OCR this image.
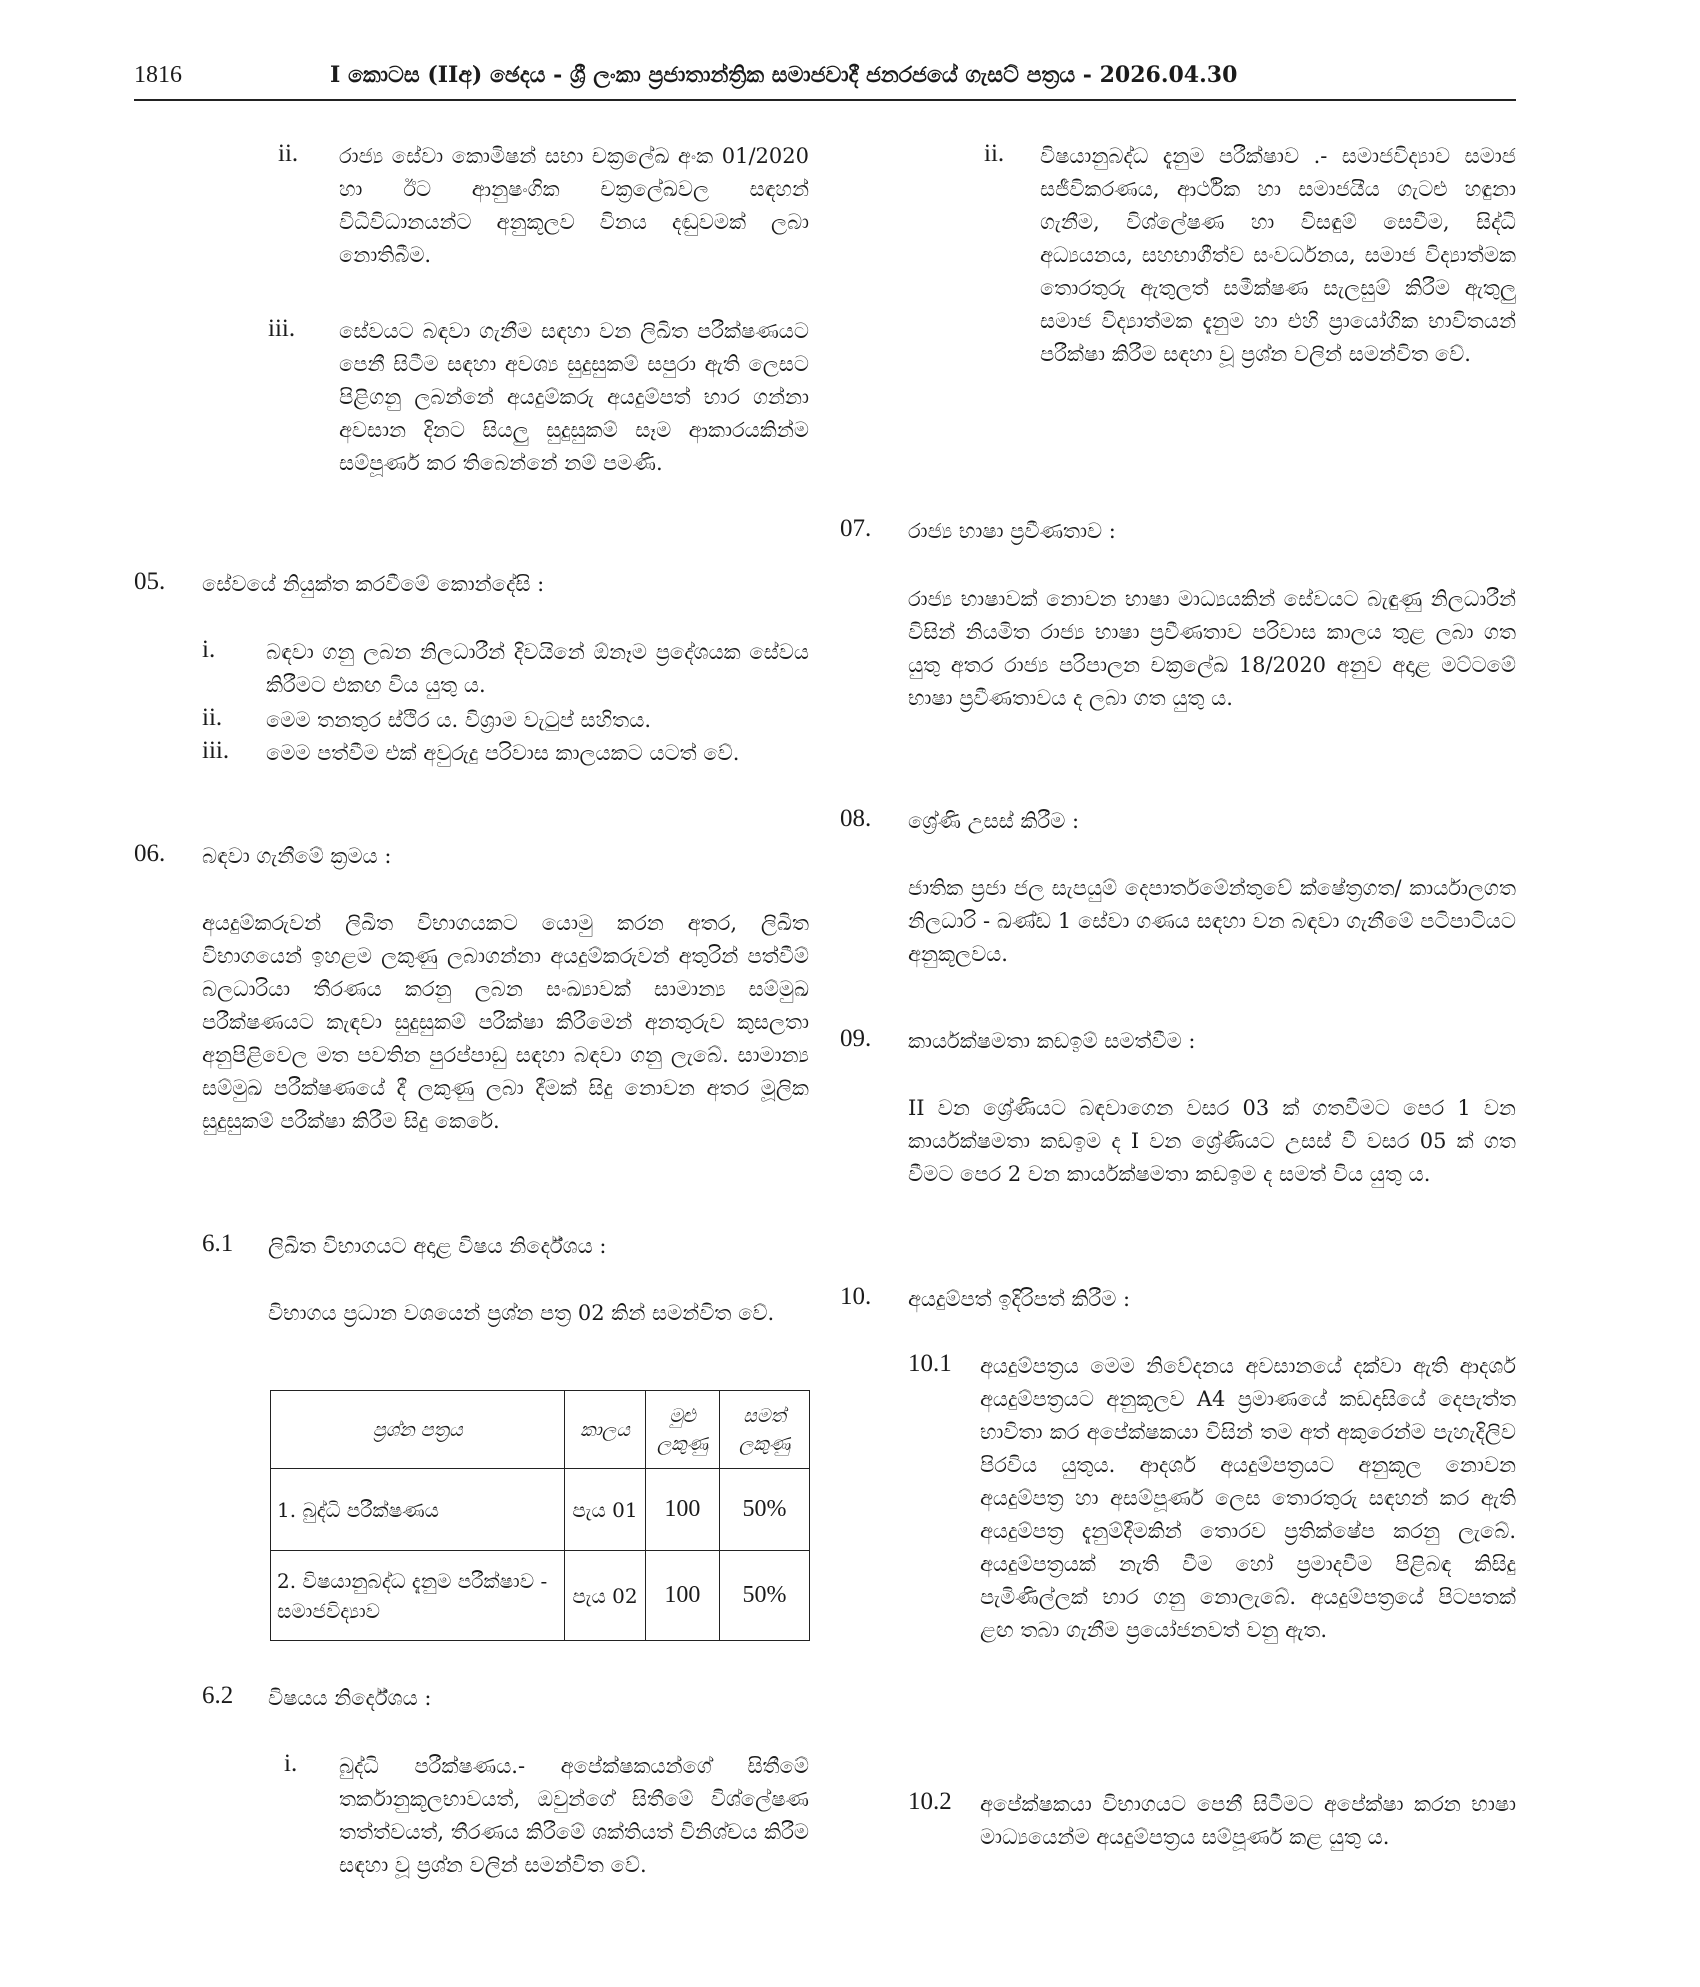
1816	I කොටස (IIඅ) ඡෙදය - ශ්‍රී ලංකා ප්‍රජාතාන්ත්‍රික සමාජවාදී ජනරජයේ ගැසට් පත්‍රය - 2026.04.30
ii. රාජ්‍ය සේවා කොමිෂන් සභා චක්‍රලේඛ අංක 01/2020 හා ඊට ආනුෂංගික චක්‍රලේඛවල සඳහන් විධිවිධානයන්ට අනුකූලව විනය දඬුවමක් ලබා නොතිබීම.
iii. සේවයට බඳවා ගැනීම සඳහා වන ලිඛිත පරීක්ෂණයට පෙනී සිටීම සඳහා අවශ්‍ය සුදුසුකම් සපුරා ඇති ලෙසට පිළිගනු ලබන්නේ අයදුම්කරු අයදුම්පත් භාර ගන්නා අවසාන දිනට සියලු සුදුසුකම් සෑම ආකාරයකින්ම සම්පූර්ණ කර තිබෙන්නේ නම් පමණි.
05. සේවයේ නියුක්ත කරවීමේ කොන්දේසි :
i. බඳවා ගනු ලබන නිලධාරීන් දිවයිනේ ඕනෑම ප්‍රදේශයක සේවය කිරීමට එකඟ විය යුතු ය.
ii. මෙම තනතුර ස්ථිර ය. විශ්‍රාම වැටුප් සහිතය.
iii. මෙම පත්වීම එක් අවුරුදු පරිවාස කාලයකට යටත් වේ.
06. බඳවා ගැනීමේ ක්‍රමය :
අයදුම්කරුවන් ලිඛිත විභාගයකට යොමු කරන අතර, ලිඛිත විභාගයෙන් ඉහළම ලකුණු ලබාගන්නා අයදුම්කරුවන් අතුරින් පත්වීම් බලධාරියා තීරණය කරනු ලබන සංඛ්‍යාවක් සාමාන්‍ය සම්මුඛ පරීක්ෂණයට කැඳවා සුදුසුකම් පරීක්ෂා කිරීමෙන් අනතුරුව කුසලතා අනුපිළිවෙල මත පවතින පුරප්පාඩු සඳහා බඳවා ගනු ලැබේ. සාමාන්‍ය සම්මුඛ පරීක්ෂණයේ දී ලකුණු ලබා දීමක් සිදු නොවන අතර මූලික සුදුසුකම් පරීක්ෂා කිරීම සිදු කෙරේ.
6.1 ලිඛිත විභාගයට අදාළ විෂය නිර්දේශය :
විභාගය ප්‍රධාන වශයෙන් ප්‍රශ්න පත්‍ර 02 කින් සමන්විත වේ.
ප්‍රශ්න පත්‍රය	කාලය	මුළු ලකුණු	සමත් ලකුණු
1. බුද්ධි පරීක්ෂණය	පැය 01	100	50%
2. විෂයානුබද්ධ දැනුම පරීක්ෂාව - සමාජවිද්‍යාව	පැය 02	100	50%
6.2 විෂයය නිර්දේශය :
i. බුද්ධි පරීක්ෂණය.- අපේක්ෂකයන්ගේ සිතීමේ තර්කානුකූලභාවයත්, ඔවුන්ගේ සිතීමේ විශ්ලේෂණ තත්ත්වයත්, තීරණය කිරීමේ ශක්තියත් විනිශ්චය කිරීම සඳහා වූ ප්‍රශ්න වලින් සමන්විත වේ.
ii. විෂයානුබද්ධ දැනුම පරීක්ෂාව .- සමාජවිද්‍යාව සමාජ සජීවිකරණය, ආර්ථික හා සමාජයීය ගැටළු හඳුනා ගැනීම, විශ්ලේෂණ හා විසඳුම් සෙවීම, සිද්ධි අධ්‍යයනය, සහභාගීත්ව සංවර්ධනය, සමාජ විද්‍යාත්මක තොරතුරු ඇතුලත් සමීක්ෂණ සැලසුම් කිරීම ඇතුලු සමාජ විද්‍යාත්මක දැනුම හා එහි ප්‍රායෝගික භාවිතයන් පරීක්ෂා කිරීම සඳහා වූ ප්‍රශ්න වලින් සමන්විත වේ.
07. රාජ්‍ය භාෂා ප්‍රවීණතාව :
රාජ්‍ය භාෂාවක් නොවන භාෂා මාධ්‍යයකින් සේවයට බැඳුණු නිලධාරීන් විසින් නියමිත රාජ්‍ය භාෂා ප්‍රවීණතාව පරිවාස කාලය තුළ ලබා ගත යුතු අතර රාජ්‍ය පරිපාලන චක්‍රලේඛ 18/2020 අනුව අදාළ මට්ටමේ භාෂා ප්‍රවීණතාවය ද ලබා ගත යුතු ය.
08. ශ්‍රේණි උසස් කිරීම :
ජාතික ප්‍රජා ජල සැපයුම් දෙපාර්තමේන්තුවේ ක්ෂේත්‍රගත/ කාර්යාලගත නිලධාරි - ඛණ්ඩ 1 සේවා ගණය සඳහා වන බඳවා ගැනීමේ පටිපාටියට අනුකූලවය.
09. කාර්යක්ෂමතා කඩඉම් සමත්වීම :
II වන ශ්‍රේණියට බඳවාගෙන වසර 03 ක් ගතවීමට පෙර 1 වන කාර්යක්ෂමතා කඩඉම ද I වන ශ්‍රේණියට උසස් වී වසර 05 ක් ගත වීමට පෙර 2 වන කාර්යක්ෂමතා කඩඉම ද සමත් විය යුතු ය.
10. අයදුම්පත් ඉදිරිපත් කිරීම :
10.1 අයදුම්පත්‍රය මෙම නිවේදනය අවසානයේ දක්වා ඇති ආදර්ශ අයදුම්පත්‍රයට අනුකූලව A4 ප්‍රමාණයේ කඩදාසියේ දෙපැත්ත භාවිතා කර අපේක්ෂකයා විසින් තම අත් අකුරෙන්ම පැහැදිලිව පිරවිය යුතුය. ආදර්ශ අයදුම්පත්‍රයට අනුකූල නොවන අයදුම්පත්‍ර හා අසම්පූර්ණ ලෙස තොරතුරු සඳහන් කර ඇති අයදුම්පත්‍ර දැනුම්දීමකින් තොරව ප්‍රතික්ෂේප කරනු ලැබේ. අයදුම්පත්‍රයක් නැති වීම හෝ ප්‍රමාදවීම පිළිබඳ කිසිදු පැමිණිල්ලක් භාර ගනු නොලැබේ. අයදුම්පත්‍රයේ පිටපතක් ළඟ තබා ගැනීම ප්‍රයෝජනවත් වනු ඇත.
10.2 අපේක්ෂකයා විභාගයට පෙනී සිටීමට අපේක්ෂා කරන භාෂා මාධ්‍යයෙන්ම අයදුම්පත්‍රය සම්පූර්ණ කළ යුතු ය.
